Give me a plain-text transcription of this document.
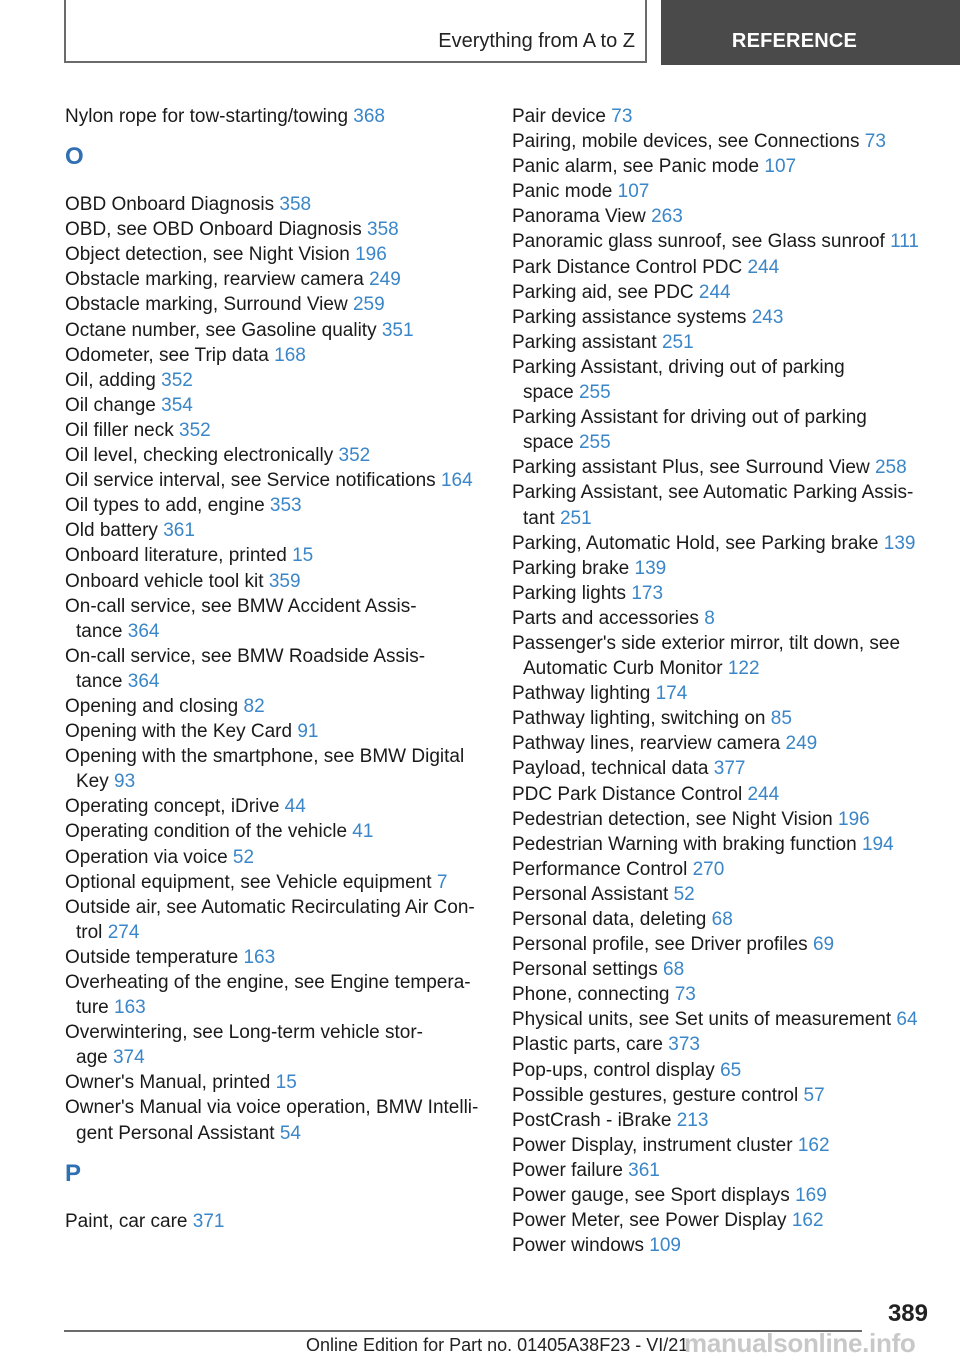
Everything from A to Z	REFERENCE
Nylon rope for tow-starting/towing 368
O
OBD Onboard Diagnosis 358
OBD, see OBD Onboard Diagnosis 358
Object detection, see Night Vision 196
Obstacle marking, rearview camera 249
Obstacle marking, Surround View 259
Octane number, see Gasoline quality 351
Odometer, see Trip data 168
Oil, adding 352
Oil change 354
Oil filler neck 352
Oil level, checking electronically 352
Oil service interval, see Service notifications 164
Oil types to add, engine 353
Old battery 361
Onboard literature, printed 15
Onboard vehicle tool kit 359
On-call service, see BMW Accident Assis-
tance 364
On-call service, see BMW Roadside Assis-
tance 364
Opening and closing 82
Opening with the Key Card 91
Opening with the smartphone, see BMW Digital
Key 93
Operating concept, iDrive 44
Operating condition of the vehicle 41
Operation via voice 52
Optional equipment, see Vehicle equipment 7
Outside air, see Automatic Recirculating Air Con-
trol 274
Outside temperature 163
Overheating of the engine, see Engine tempera-
ture 163
Overwintering, see Long-term vehicle stor-
age 374
Owner's Manual, printed 15
Owner's Manual via voice operation, BMW Intelli-
gent Personal Assistant 54
P
Paint, car care 371
Pair device 73
Pairing, mobile devices, see Connections 73
Panic alarm, see Panic mode 107
Panic mode 107
Panorama View 263
Panoramic glass sunroof, see Glass sunroof 111
Park Distance Control PDC 244
Parking aid, see PDC 244
Parking assistance systems 243
Parking assistant 251
Parking Assistant, driving out of parking
space 255
Parking Assistant for driving out of parking
space 255
Parking assistant Plus, see Surround View 258
Parking Assistant, see Automatic Parking Assis-
tant 251
Parking, Automatic Hold, see Parking brake 139
Parking brake 139
Parking lights 173
Parts and accessories 8
Passenger's side exterior mirror, tilt down, see
Automatic Curb Monitor 122
Pathway lighting 174
Pathway lighting, switching on 85
Pathway lines, rearview camera 249
Payload, technical data 377
PDC Park Distance Control 244
Pedestrian detection, see Night Vision 196
Pedestrian Warning with braking function 194
Performance Control 270
Personal Assistant 52
Personal data, deleting 68
Personal profile, see Driver profiles 69
Personal settings 68
Phone, connecting 73
Physical units, see Set units of measurement 64
Plastic parts, care 373
Pop-ups, control display 65
Possible gestures, gesture control 57
PostCrash - iBrake 213
Power Display, instrument cluster 162
Power failure 361
Power gauge, see Sport displays 169
Power Meter, see Power Display 162
Power windows 109
389
Online Edition for Part no. 01405A38F23 - VI/21
manualsonline.info
